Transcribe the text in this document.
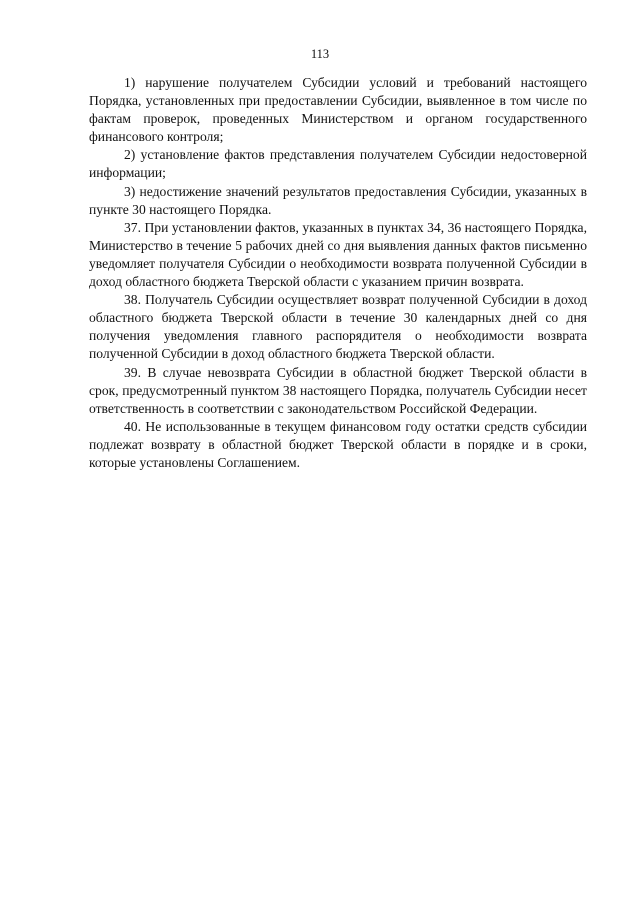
113

1) нарушение получателем Субсидии условий и требований настоящего Порядка, установленных при предоставлении Субсидии, выявленное в том числе по фактам проверок, проведенных Министерством и органом государственного финансового контроля;

2) установление фактов представления получателем Субсидии недостоверной информации;

3) недостижение значений результатов предоставления Субсидии, указанных в пункте 30 настоящего Порядка.

37. При установлении фактов, указанных в пунктах 34, 36 настоящего Порядка, Министерство в течение 5 рабочих дней со дня выявления данных фактов письменно уведомляет получателя Субсидии о необходимости возврата полученной Субсидии в доход областного бюджета Тверской области с указанием причин возврата.

38. Получатель Субсидии осуществляет возврат полученной Субсидии в доход областного бюджета Тверской области в течение 30 календарных дней со дня получения уведомления главного распорядителя о необходимости возврата полученной Субсидии в доход областного бюджета Тверской области.

39. В случае невозврата Субсидии в областной бюджет Тверской области в срок, предусмотренный пунктом 38 настоящего Порядка, получатель Субсидии несет ответственность в соответствии с законодательством Российской Федерации.

40. Не использованные в текущем финансовом году остатки средств субсидии подлежат возврату в областной бюджет Тверской области в порядке и в сроки, которые установлены Соглашением.
